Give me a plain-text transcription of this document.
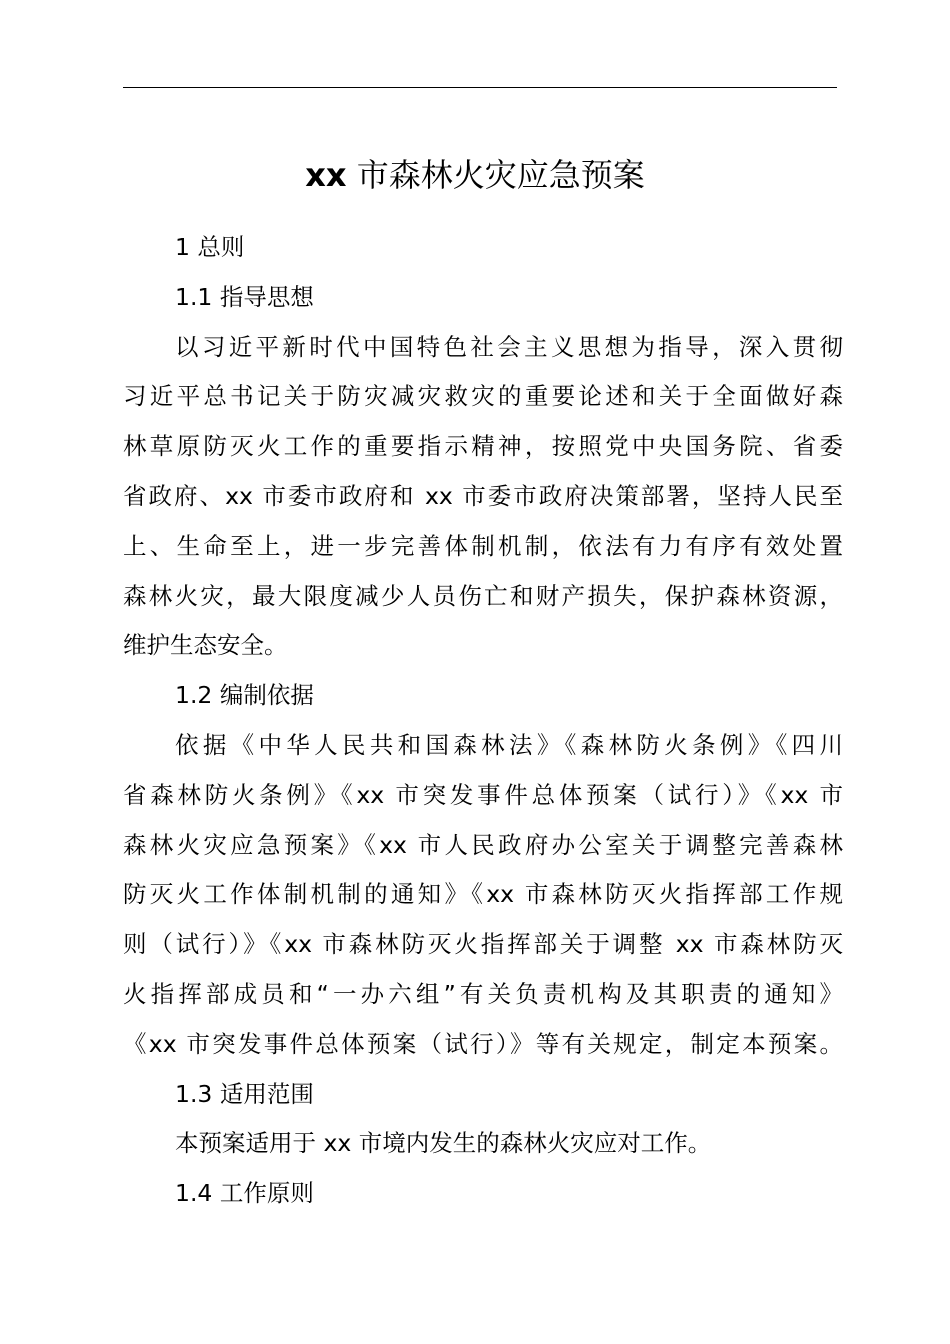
xx 市森林火灾应急预案

1 总则

1.1 指导思想

以习近平新时代中国特色社会主义思想为指导，深入贯彻

习近平总书记关于防灾减灾救灾的重要论述和关于全面做好森

林草原防灭火工作的重要指示精神，按照党中央国务院、省委

省政府、xx 市委市政府和 xx 市委市政府决策部署，坚持人民至

上、生命至上，进一步完善体制机制，依法有力有序有效处置

森林火灾，最大限度减少人员伤亡和财产损失，保护森林资源，

维护生态安全。

1.2 编制依据

依据《中华人民共和国森林法》《森林防火条例》《四川

省森林防火条例》《xx 市突发事件总体预案（试行）》《xx 市

森林火灾应急预案》《xx 市人民政府办公室关于调整完善森林

防灭火工作体制机制的通知》《xx 市森林防灭火指挥部工作规

则（试行）》《xx 市森林防灭火指挥部关于调整 xx 市森林防灭

火指挥部成员和“一办六组”有关负责机构及其职责的通知》

《xx 市突发事件总体预案（试行）》等有关规定，制定本预案。

1.3 适用范围

本预案适用于 xx 市境内发生的森林火灾应对工作。

1.4 工作原则
